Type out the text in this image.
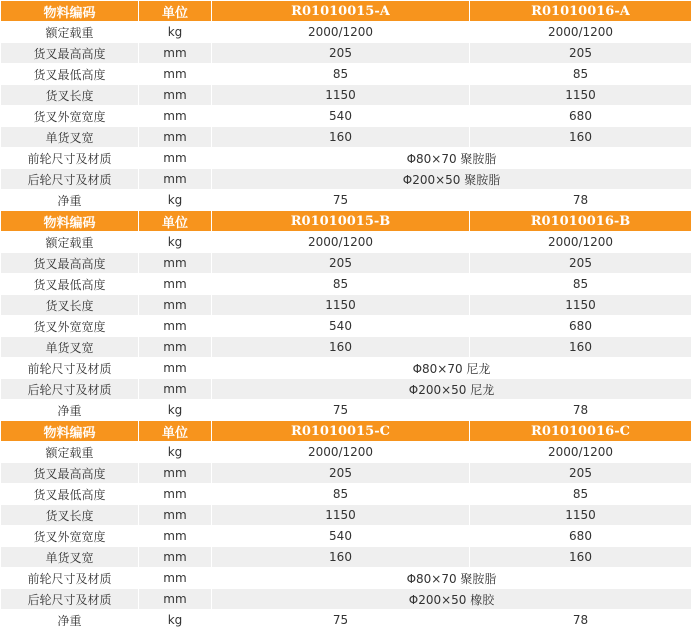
物料编码	单位	R01010015-A	R01010016-A
额定载重	kg	2000/1200	2000/1200
货叉最高高度	mm	205	205
货叉最低高度	mm	85	85
货叉长度	mm	1150	1150
货叉外宽宽度	mm	540	680
单货叉宽	mm	160	160
前轮尺寸及材质	mm	Φ80×70 聚胺脂	
后轮尺寸及材质	mm	Φ200×50 聚胺脂	
净重	kg	75	78
物料编码	单位	R01010015-B	R01010016-B
额定载重	kg	2000/1200	2000/1200
货叉最高高度	mm	205	205
货叉最低高度	mm	85	85
货叉长度	mm	1150	1150
货叉外宽宽度	mm	540	680
单货叉宽	mm	160	160
前轮尺寸及材质	mm	Φ80×70 尼龙	
后轮尺寸及材质	mm	Φ200×50 尼龙	
净重	kg	75	78
物料编码	单位	R01010015-C	R01010016-C
额定载重	kg	2000/1200	2000/1200
货叉最高高度	mm	205	205
货叉最低高度	mm	85	85
货叉长度	mm	1150	1150
货叉外宽宽度	mm	540	680
单货叉宽	mm	160	160
前轮尺寸及材质	mm	Φ80×70 聚胺脂	
后轮尺寸及材质	mm	Φ200×50 橡胶	
净重	kg	75	78
